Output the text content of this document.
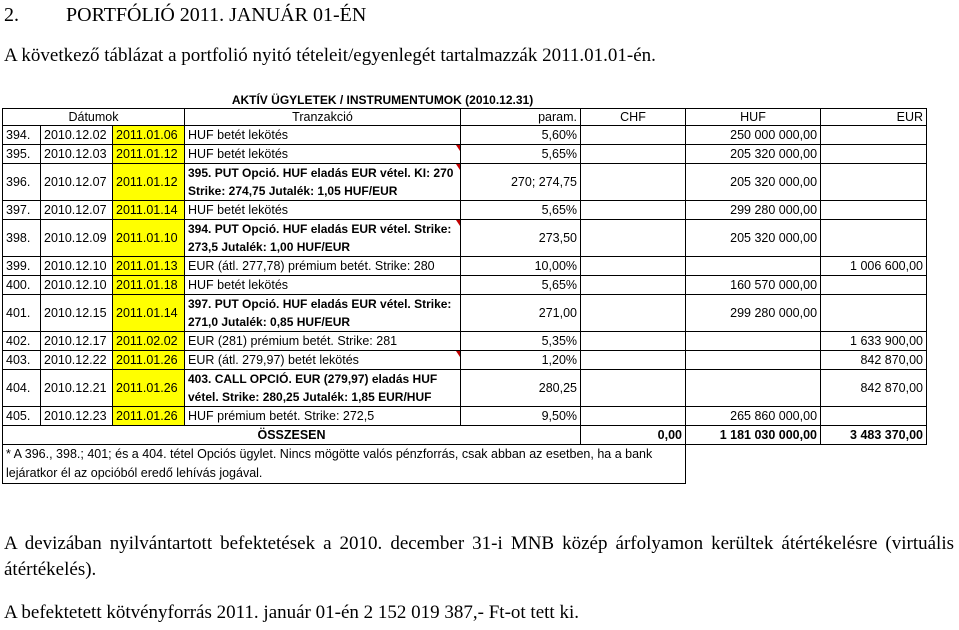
2. PORTFÓLIÓ 2011. JANUÁR 01-ÉN
A következő táblázat a portfolió nyitó tételeit/egyenlegét tartalmazzák 2011.01.01-én.
			AKTÍV ÜGYLETEK / INSTRUMENTUMOK (2010.12.31)				
Dátumok			Tranzakció	param.	CHF	HUF	EUR
394.	2010.12.02	2011.01.06	HUF betét lekötés	5,60%		250 000 000,00	
395.	2010.12.03	2011.01.12	HUF betét lekötés	5,65%		205 320 000,00	
396.	2010.12.07	2011.01.12	395. PUT Opció. HUF eladás EUR vétel. KI: 270 Strike: 274,75 Jutalék: 1,05 HUF/EUR	270; 274,75		205 320 000,00	
397.	2010.12.07	2011.01.14	HUF betét lekötés	5,65%		299 280 000,00	
398.	2010.12.09	2011.01.10	394. PUT Opció. HUF eladás EUR vétel. Strike: 273,5 Jutalék: 1,00 HUF/EUR	273,50		205 320 000,00	
399.	2010.12.10	2011.01.13	EUR (átl. 277,78) prémium betét. Strike: 280	10,00%			1 006 600,00
400.	2010.12.10	2011.01.18	HUF betét lekötés	5,65%		160 570 000,00	
401.	2010.12.15	2011.01.14	397. PUT Opció. HUF eladás EUR vétel. Strike: 271,0 Jutalék: 0,85 HUF/EUR	271,00		299 280 000,00	
402.	2010.12.17	2011.02.02	EUR (281) prémium betét. Strike: 281	5,35%			1 633 900,00
403.	2010.12.22	2011.01.26	EUR (átl. 279,97) betét lekötés	1,20%			842 870,00
404.	2010.12.21	2011.01.26	403. CALL OPCIÓ. EUR (279,97) eladás HUF vétel. Strike: 280,25 Jutalék: 1,85 EUR/HUF	280,25			842 870,00
405.	2010.12.23	2011.01.26	HUF prémium betét. Strike: 272,5	9,50%		265 860 000,00	
ÖSSZESEN					0,00	1 181 030 000,00	3 483 370,00
* A 396., 398.; 401; és a 404. tétel Opciós ügylet. Nincs mögötte valós pénzforrás, csak abban az esetben, ha a bank lejáratkor él az opcióból eredő lehívás jogával.							
A devizában nyilvántartott befektetések a 2010. december 31-i MNB közép árfolyamon kerültek átértékelésre (virtuális átértékelés).
A befektetett kötvényforrás 2011. január 01-én 2 152 019 387,- Ft-ot tett ki.
